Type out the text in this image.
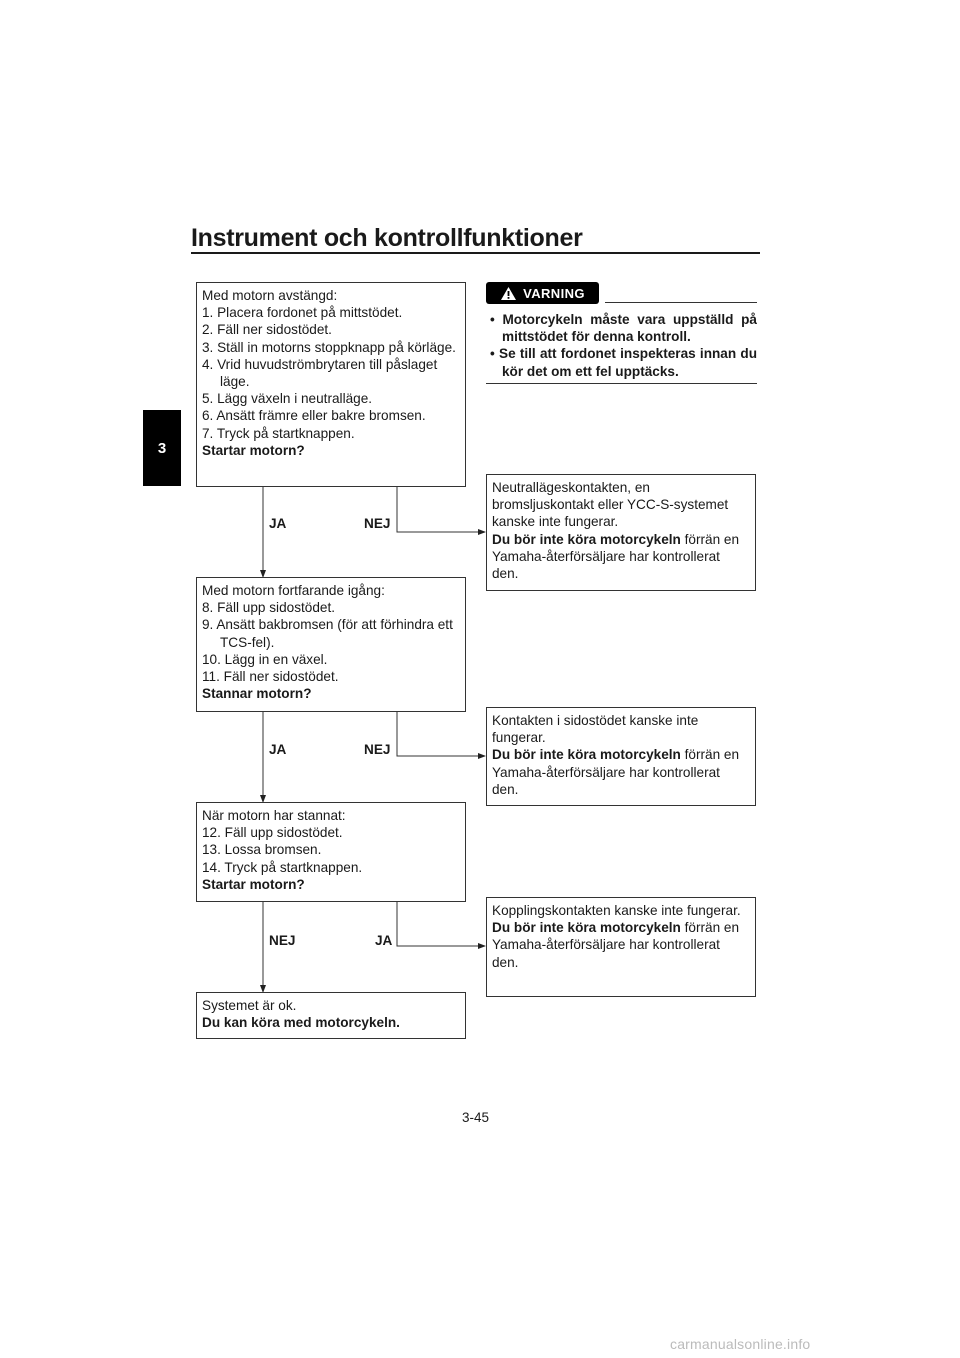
Instrument och kontrollfunktioner
3
VARNING
• Motorcykeln måste vara uppställd på mittstödet för denna kontroll.
• Se till att fordonet inspekteras innan du kör det om ett fel upptäcks.
Med motorn avstängd:
1. Placera fordonet på mittstödet.
2. Fäll ner sidostödet.
3. Ställ in motorns stoppknapp på körläge.
4. Vrid huvudströmbrytaren till påslaget läge.
5. Lägg växeln i neutralläge.
6. Ansätt främre eller bakre bromsen.
7. Tryck på startknappen.
Startar motorn?
JA	NEJ
Neutrallägeskontakten, en bromsljuskontakt eller YCC-S-systemet kanske inte fungerar.
Du bör inte köra motorcykeln förrän en Yamaha-återförsäljare har kontrollerat den.
Med motorn fortfarande igång:
8. Fäll upp sidostödet.
9. Ansätt bakbromsen (för att förhindra ett TCS-fel).
10. Lägg in en växel.
11. Fäll ner sidostödet.
Stannar motorn?
JA	NEJ
Kontakten i sidostödet kanske inte fungerar.
Du bör inte köra motorcykeln förrän en Yamaha-återförsäljare har kontrollerat den.
När motorn har stannat:
12. Fäll upp sidostödet.
13. Lossa bromsen.
14. Tryck på startknappen.
Startar motorn?
NEJ	JA
Kopplingskontakten kanske inte fungerar.
Du bör inte köra motorcykeln förrän en Yamaha-återförsäljare har kontrollerat den.
Systemet är ok.
Du kan köra med motorcykeln.
3-45
carmanualsonline.info
